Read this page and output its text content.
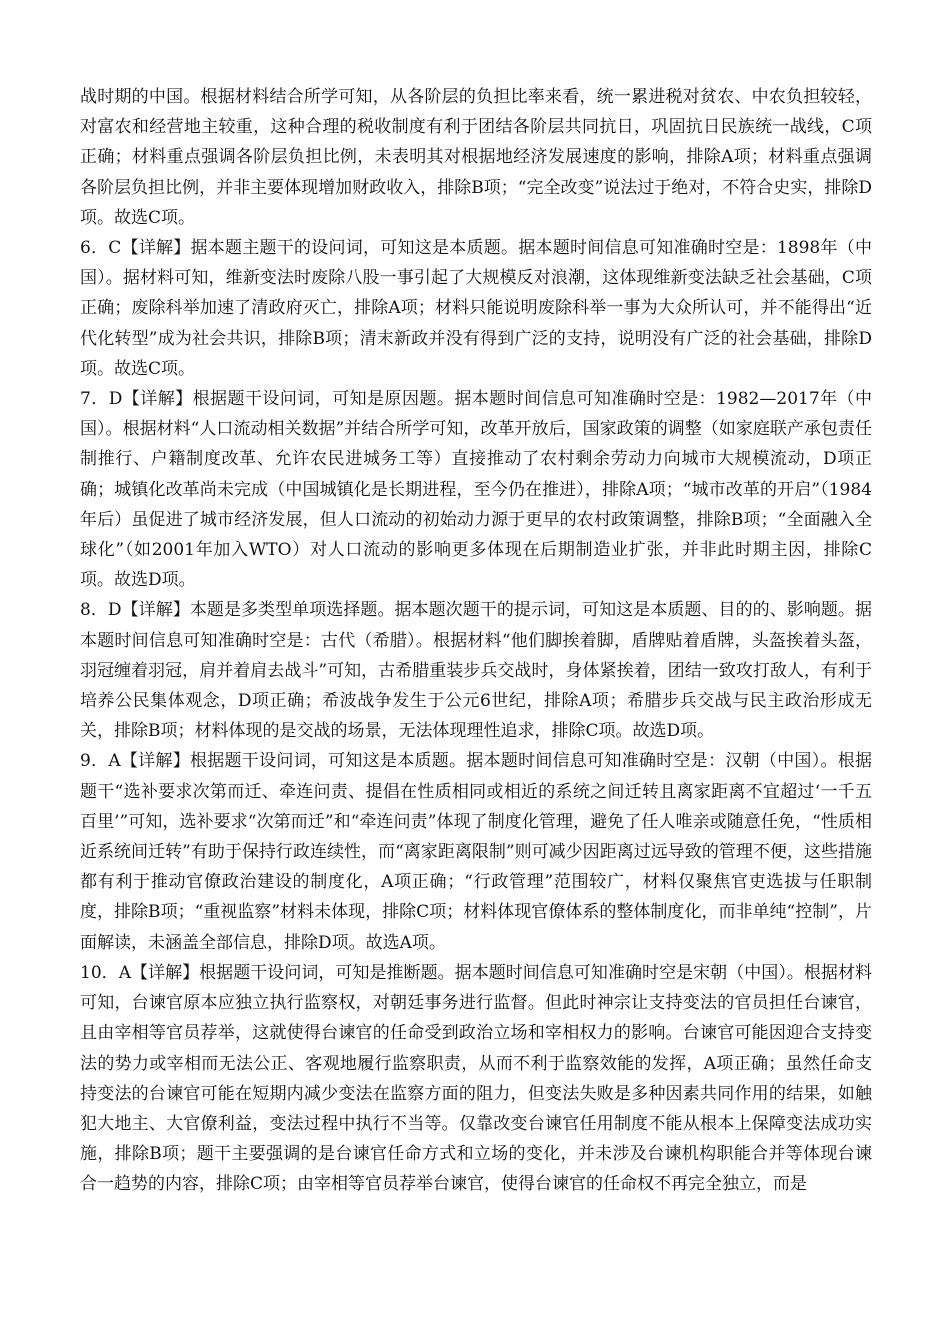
战时期的中国。根据材料结合所学可知，从各阶层的负担比率来看，统一累进税对贫农、中农负担较轻，对富农和经营地主较重，这种合理的税收制度有利于团结各阶层共同抗日，巩固抗日民族统一战线，C项正确；材料重点强调各阶层负担比例，未表明其对根据地经济发展速度的影响，排除A项；材料重点强调各阶层负担比例，并非主要体现增加财政收入，排除B项；“完全改变”说法过于绝对，不符合史实，排除D项。故选C项。

6．C【详解】据本题主题干的设问词，可知这是本质题。据本题时间信息可知准确时空是：1898年（中国）。据材料可知，维新变法时废除八股一事引起了大规模反对浪潮，这体现维新变法缺乏社会基础，C项正确；废除科举加速了清政府灭亡，排除A项；材料只能说明废除科举一事为大众所认可，并不能得出“近代化转型”成为社会共识，排除B项；清末新政并没有得到广泛的支持，说明没有广泛的社会基础，排除D项。故选C项。

7．D【详解】根据题干设问词，可知是原因题。据本题时间信息可知准确时空是：1982—2017年（中国）。根据材料“人口流动相关数据”并结合所学可知，改革开放后，国家政策的调整（如家庭联产承包责任制推行、户籍制度改革、允许农民进城务工等）直接推动了农村剩余劳动力向城市大规模流动，D项正确；城镇化改革尚未完成（中国城镇化是长期进程，至今仍在推进），排除A项；“城市改革的开启”（1984年后）虽促进了城市经济发展，但人口流动的初始动力源于更早的农村政策调整，排除B项；“全面融入全球化”（如2001年加入WTO）对人口流动的影响更多体现在后期制造业扩张，并非此时期主因，排除C项。故选D项。

8．D【详解】本题是多类型单项选择题。据本题次题干的提示词，可知这是本质题、目的的、影响题。据本题时间信息可知准确时空是：古代（希腊）。根据材料“他们脚挨着脚，盾牌贴着盾牌，头盔挨着头盔，羽冠缠着羽冠，肩并着肩去战斗”可知，古希腊重装步兵交战时，身体紧挨着，团结一致攻打敌人，有利于培养公民集体观念，D项正确；希波战争发生于公元6世纪，排除A项；希腊步兵交战与民主政治形成无关，排除B项；材料体现的是交战的场景，无法体现理性追求，排除C项。故选D项。

9．A【详解】根据题干设问词，可知这是本质题。据本题时间信息可知准确时空是：汉朝（中国）。根据题干“选补要求次第而迁、牵连问责、提倡在性质相同或相近的系统之间迁转且离家距离不宜超过‘一千五百里’”可知，选补要求“次第而迁”和“牵连问责”体现了制度化管理，避免了任人唯亲或随意任免，“性质相近系统间迁转”有助于保持行政连续性，而“离家距离限制”则可减少因距离过远导致的管理不便，这些措施都有利于推动官僚政治建设的制度化，A项正确；“行政管理”范围较广，材料仅聚焦官吏选拔与任职制度，排除B项；“重视监察”材料未体现，排除C项；材料体现官僚体系的整体制度化，而非单纯“控制”，片面解读，未涵盖全部信息，排除D项。故选A项。

10．A【详解】根据题干设问词，可知是推断题。据本题时间信息可知准确时空是宋朝（中国）。根据材料可知，台谏官原本应独立执行监察权，对朝廷事务进行监督。但此时神宗让支持变法的官员担任台谏官，且由宰相等官员荐举，这就使得台谏官的任命受到政治立场和宰相权力的影响。台谏官可能因迎合支持变法的势力或宰相而无法公正、客观地履行监察职责，从而不利于监察效能的发挥，A项正确；虽然任命支持变法的台谏官可能在短期内减少变法在监察方面的阻力，但变法失败是多种因素共同作用的结果，如触犯大地主、大官僚利益，变法过程中执行不当等。仅靠改变台谏官任用制度不能从根本上保障变法成功实施，排除B项；题干主要强调的是台谏官任命方式和立场的变化，并未涉及台谏机构职能合并等体现台谏合一趋势的内容，排除C项；由宰相等官员荐举台谏官，使得台谏官的任命权不再完全独立，而是
